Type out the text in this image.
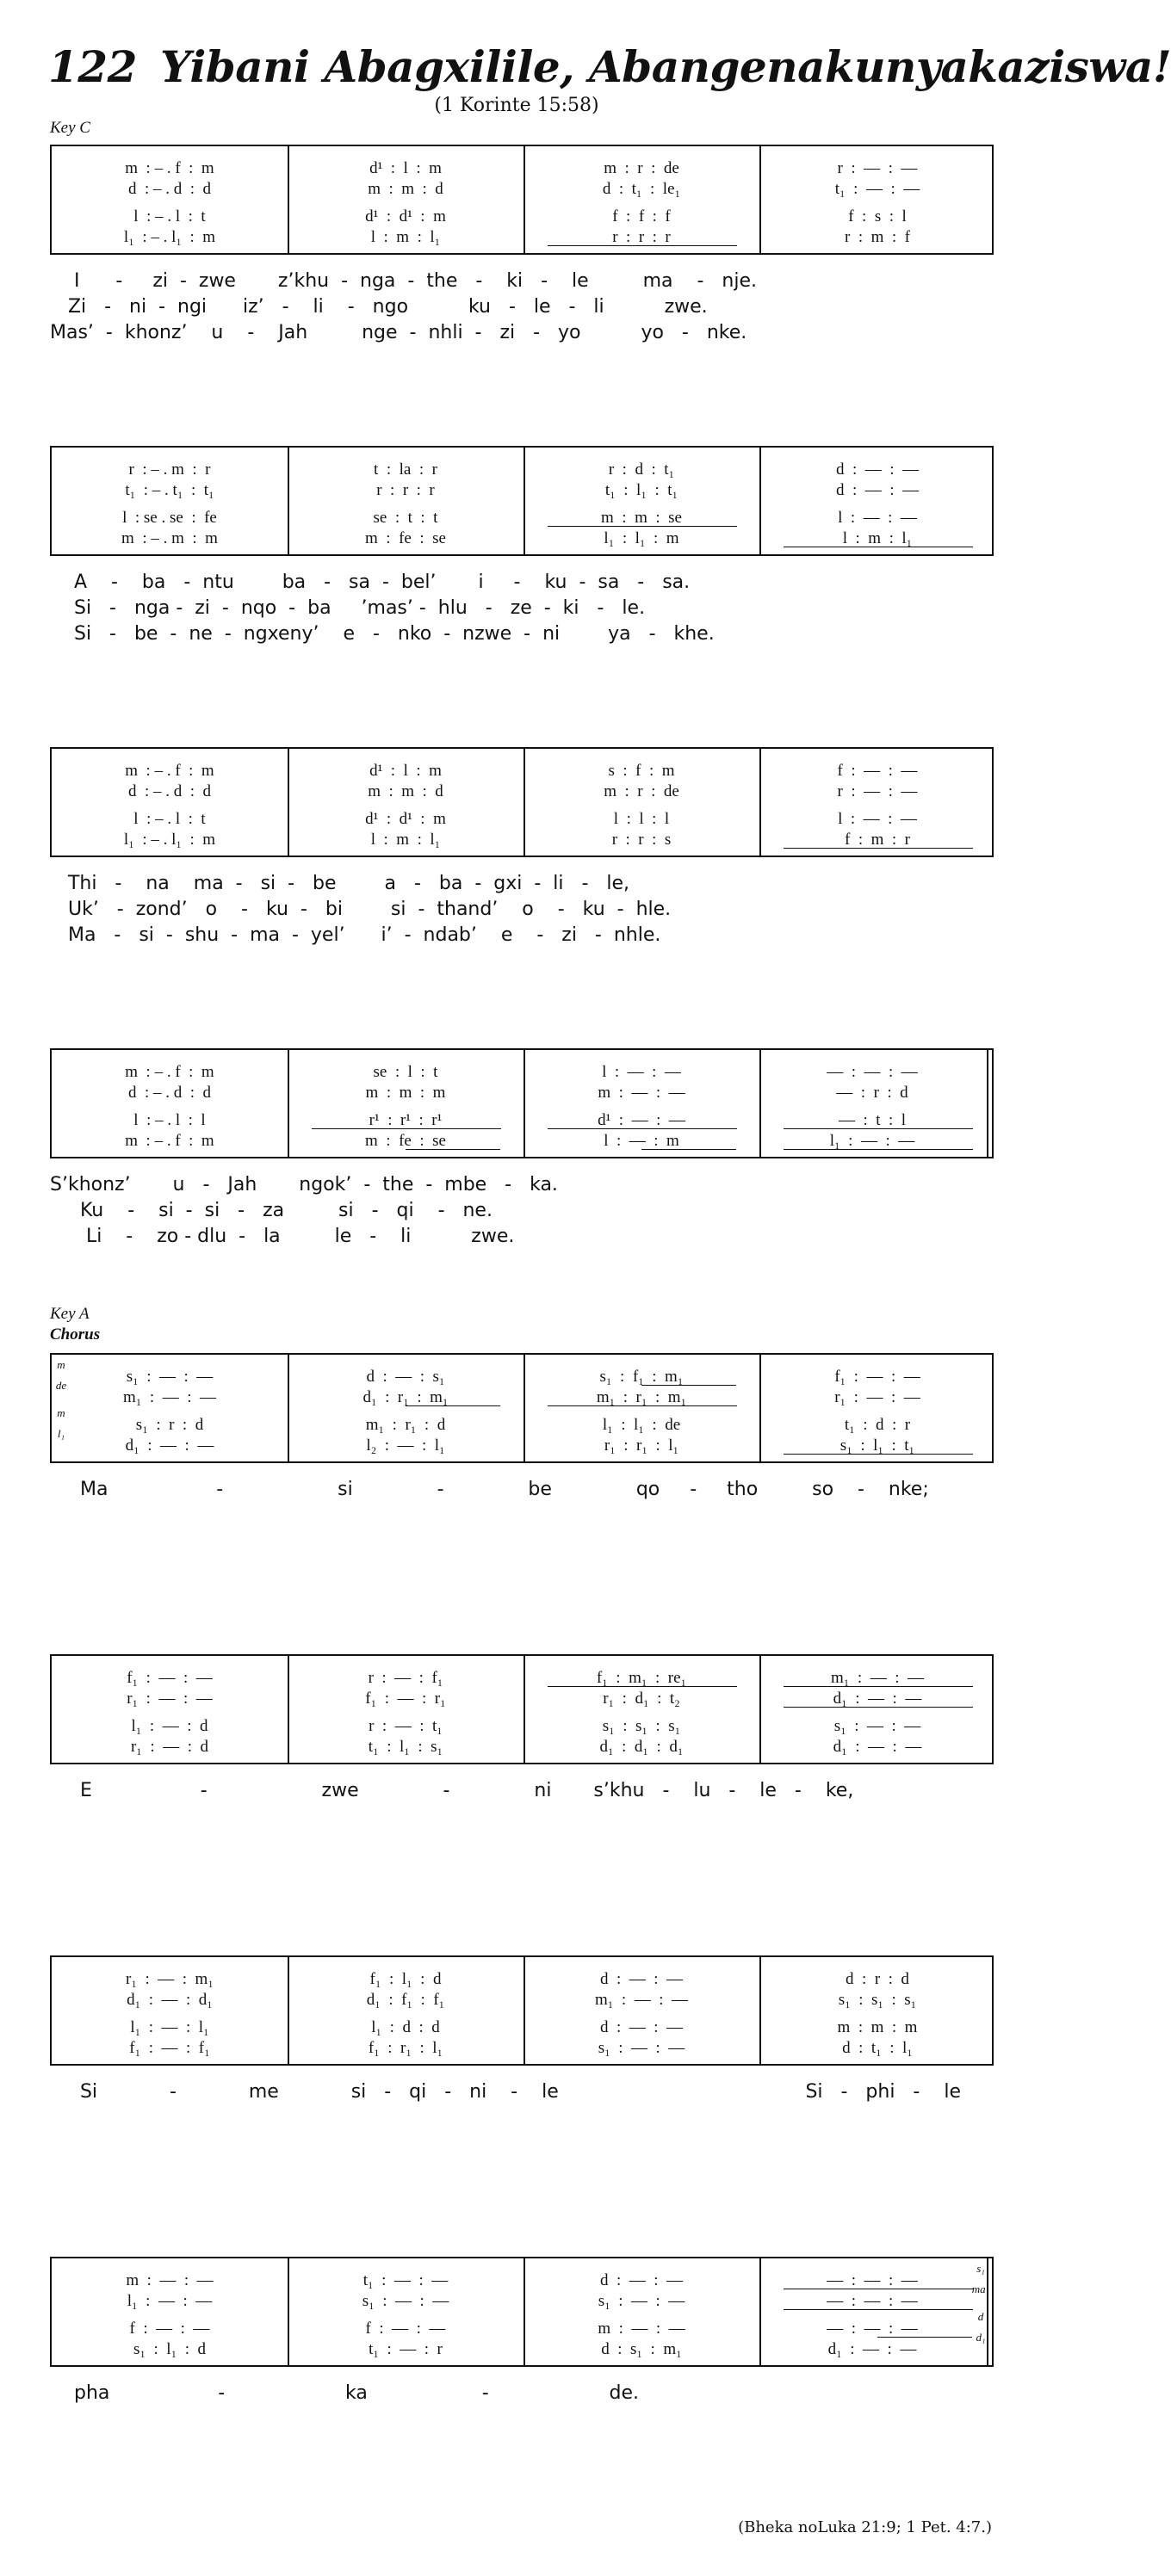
122 Yibani Abagxilile, Abangenakunyakaziswa!
(1 Korinte 15:58)
Key C
Key A
Chorus
(Bheka noLuka 21:9; 1 Pet. 4:7.)
m  : – . f  :  m	d¹  :  l  :  m	m  :  r  :  de	r  :  —  :  —
d  : – . d  :  d	m  :  m  :  d	d  :  t₁  :  le₁	t₁  :  —  :  —
l  : – . l  :  t	d¹  :  d¹  :  m	f  :  f  :  f	f  :  s  :  l
l₁  : – . l₁  :  m	l  :  m  :  l₁	r  :  r  :  r	r  :  m  :  f
I      -     zi  -  zwe       z’khu  -  nga  -  the   -    ki   -    le         ma    -   nje.
Zi   -   ni  -  ngi      iz’   -    li    -   ngo          ku   -   le   -   li          zwe.
Mas’  -  khonz’    u    -    Jah         nge  -  nhli  -   zi   -   yo          yo   -   nke.
r  : – . m  :  r	t  :  la  :  r	r  :  d  :  t₁	d  :  —  :  —
t₁  : – . t₁  :  t₁	r  :  r  :  r	t₁  :  l₁  :  t₁	d  :  —  :  —
l  : se . se  :  fe	se  :  t  :  t	m  :  m  :  se	l  :  —  :  —
m  : – . m  :  m	m  :  fe  :  se	l₁  :  l₁  :  m	l  :  m  :  l₁
A    -    ba   -  ntu        ba   -   sa  -  bel’       i     -    ku  -  sa   -   sa.
Si   -   nga -  zi  -  nqo  -  ba     ’mas’ -  hlu   -   ze  -  ki   -   le.
Si   -   be  -  ne  -  ngxeny’    e   -   nko  -  nzwe  -  ni        ya   -   khe.
m  : – . f  :  m	d¹  :  l  :  m	s  :  f  :  m	f  :  —  :  —
d  : – . d  :  d	m  :  m  :  d	m  :  r  :  de	r  :  —  :  —
l  : – . l  :  t	d¹  :  d¹  :  m	l  :  l  :  l	l  :  —  :  —
l₁  : – . l₁  :  m	l  :  m  :  l₁	r  :  r  :  s	f  :  m  :  r
Thi   -    na    ma  -   si  -   be        a   -   ba  -  gxi  -  li   -   le,
Uk’   -  zond’   o    -   ku  -   bi        si  -  thand’    o    -   ku  -  hle.
Ma   -   si  -  shu  -  ma  -  yel’      i’  -  ndab’    e    -   zi   -  nhle.
m  : – . f  :  m	se  :  l  :  t	l  :  —  :  —	—  :  —  :  —
d  : – . d  :  d	m  :  m  :  m	m  :  —  :  —	—  :  r  :  d
l  : – . l  :  l	r¹  :  r¹  :  r¹	d¹  :  —  :  —	—  :  t  :  l
m  : – . f  :  m	m  :  fe  :  se	l  :  —  :  m	l₁  :  —  :  —
S’khonz’       u   -   Jah       ngok’  -  the  -  mbe   -   ka.
Ku    -    si  -  si   -   za         si   -   qi    -   ne.
Li    -    zo - dlu  -   la         le   -    li          zwe.
s₁  :  —  :  —	d  :  —  :  s₁	s₁  :  f₁  :  m₁	f₁  :  —  :  —
m₁  :  —  :  —	d₁  :  r₁  :  m₁	m₁  :  r₁  :  m₁	r₁  :  —  :  —
s₁  :  r  :  d	m₁  :  r₁  :  d	l₁  :  l₁  :  de	t₁  :  d  :  r
d₁  :  —  :  —	l₂  :  —  :  l₁	r₁  :  r₁  :  l₁	s₁  :  l₁  :  t₁
Ma                  -                   si              -              be              qo     -     tho         so    -    nke;
f₁  :  —  :  —	r  :  —  :  f₁	f₁  :  m₁  :  re₁	m₁  :  —  :  —
r₁  :  —  :  —	f₁  :  —  :  r₁	r₁  :  d₁  :  t₂	d₁  :  —  :  —
l₁  :  —  :  d	r  :  —  :  t₁	s₁  :  s₁  :  s₁	s₁  :  —  :  —
r₁  :  —  :  d	t₁  :  l₁  :  s₁	d₁  :  d₁  :  d₁	d₁  :  —  :  —
E                  -                   zwe              -              ni       s’khu   -    lu   -    le   -    ke,
r₁  :  —  :  m₁	f₁  :  l₁  :  d	d  :  —  :  —	d  :  r  :  d
d₁  :  —  :  d₁	d₁  :  f₁  :  f₁	m₁  :  —  :  —	s₁  :  s₁  :  s₁
l₁  :  —  :  l₁	l₁  :  d  :  d	d  :  —  :  —	m  :  m  :  m
f₁  :  —  :  f₁	f₁  :  r₁  :  l₁	s₁  :  —  :  —	d  :  t₁  :  l₁
Si            -            me            si   -   qi   -   ni    -    le                                         Si   -   phi   -    le
m  :  —  :  —	t₁  :  —  :  —	d  :  —  :  —	—  :  —  :  —
l₁  :  —  :  —	s₁  :  —  :  —	s₁  :  —  :  —	—  :  —  :  —
f  :  —  :  —	f  :  —  :  —	m  :  —  :  —	—  :  —  :  —
s₁  :  l₁  :  d	t₁  :  —  :  r	d  :  s₁  :  m₁	d₁  :  —  :  —
pha                  -                    ka                   -                    de.
m
de
m
l₁
s₁
ma₁
d
d₁
